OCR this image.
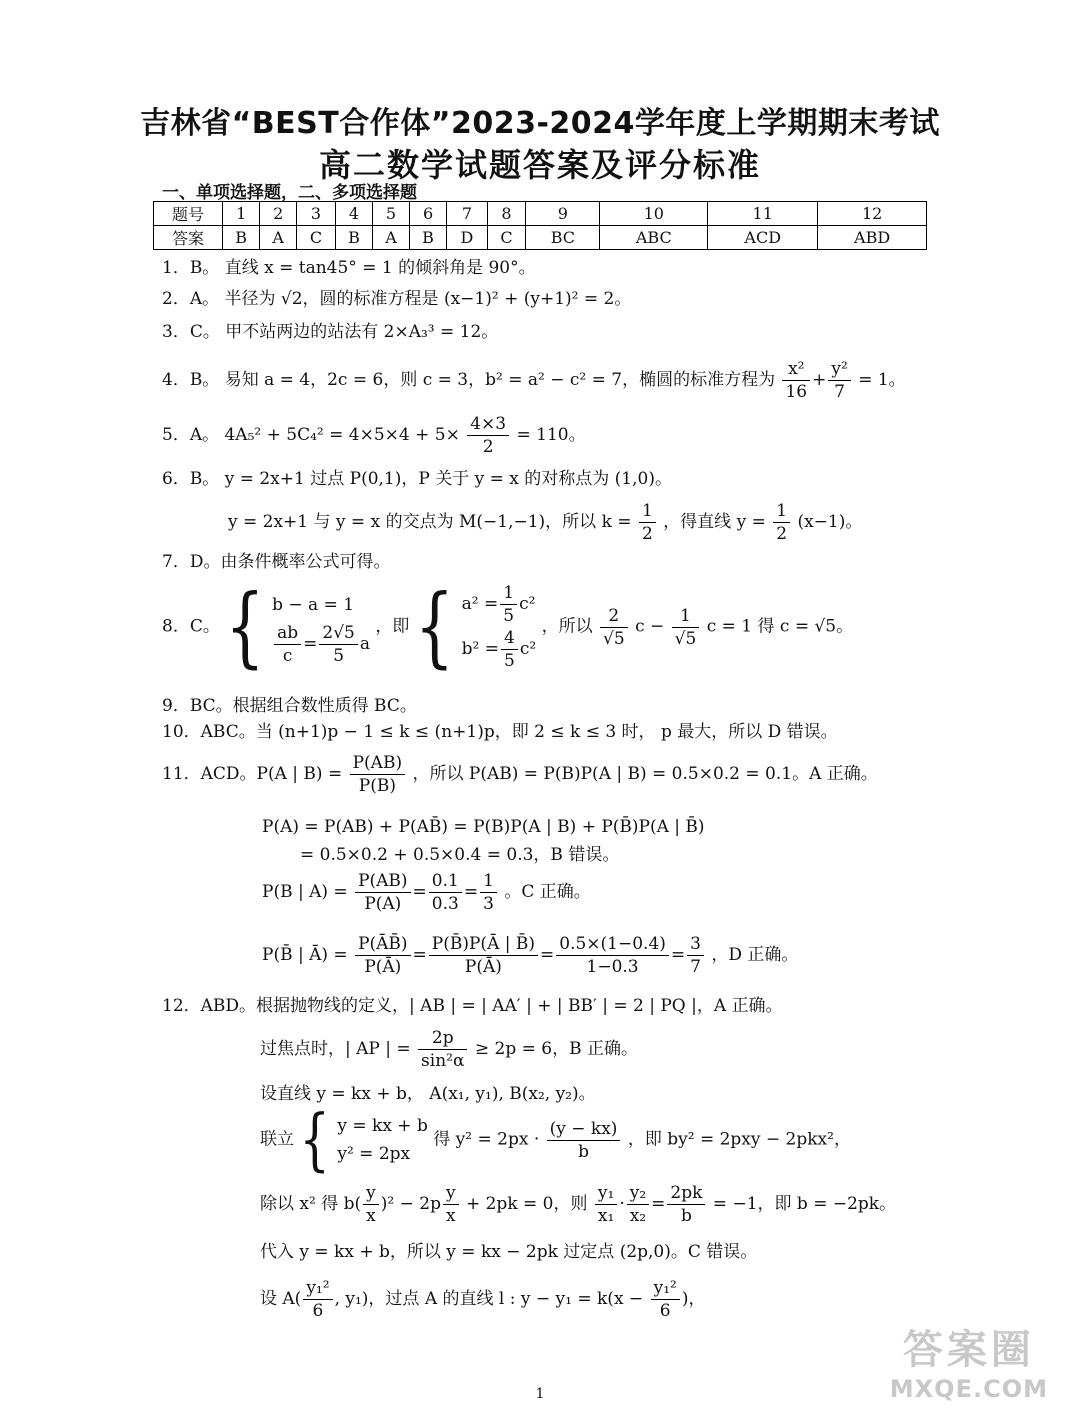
吉林省“BEST合作体”2023-2024学年度上学期期末考试
高二数学试题答案及评分标准
一、单项选择题，二、多项选择题
题号	1	2	3	4	5	6	7	8	9	10	11	12
答案	B	A	C	B	A	B	D	C	BC	ABC	ACD	ABD
1．B。 直线 x = tan45° = 1 的倾斜角是 90°。
2．A。 半径为 √2，圆的标准方程是 (x−1)² + (y+1)² = 2。
3．C。 甲不站两边的站法有 2×A₃³ = 12。
4．B。 易知 a = 4，2c = 6，则 c = 3，b² = a² − c² = 7，椭圆的标准方程为 $\frac{\text{x²}}{16} + \frac{\text{y²}}{7} = 1$。
5．A。 $4A_5^2 + 5C_4^2 = 4\times 5\times 4 + 5\times \frac{4\times 3}{2} = 110$。
6．B。 y = 2x+1 过点 P(0,1)，P 关于 y = x 的对称点为 (1,0)。
y = 2x+1 与 y = x 的交点为 M(−1,−1)，所以 $k = \frac{1}{2}$ ，得直线 $y = \frac{1}{2} (x-1)$。
7．D。由条件概率公式可得。
8．C。 { b − a = 1
$\frac{ab}{c} = \frac{2√5}{5}$ a
，即 { $a^2 = \frac{1}{5} c^2$
$b^2 = \frac{4}{5} c^2$
，所以 $\frac{2}{√5}$ $c - \frac{1}{√5}$ c = 1 得 c = √5。
9．BC。根据组合数性质得 BC。
10．ABC。当 (n+1)p − 1 ≤ k ≤ (n+1)p，即 2 ≤ k ≤ 3 时， p 最大，所以 D 错误。
11．ACD。P(A | $B) = \frac{P(AB)}{P(B)}$ ，所以 P(AB) = P(B)P(A | B) = 0.5×0.2 = 0.1。A 正确。
P(A) = P(AB) + P(AB̄) = P(B)P(A | B) + P(B̄)P(A | B̄)
= 0.5×0.2 + 0.5×0.4 = 0.3，B 错误。
P(B | $A) = \frac{P(AB)}{P(A)} = \frac{0.1}{0.3} = \frac{1}{3}$ 。C 正确。
P(B̄ | Ā) = $\frac{P(ĀB̄)}{P(Ā)} = \frac{P(B̄)P(Ā | B̄)}{P(Ā)} = \frac{0.5\times(1-0.4)}{1-0.3} = \frac{3}{7}$ ，D 正确。
12．ABD。根据抛物线的定义，| AB | = | AA′ | + | BB′ | = 2 | PQ |，A 正确。
过焦点时，| AP | = $\frac{2p}{\text{sin²α}} \ge 2p = 6$，B 正确。
设直线 y = kx + b， A(x₁, y₁), B(x₂, y₂)。
联立 { y = kx + b
y² = 2px
得 $y^2 = 2px \cdot \frac{(y - kx)}{b}$ ，即 by² = 2pxy − 2pkx²，
除以 x² 得 $b( \frac{y}{x} )^2 - 2p \frac{y}{x} + 2pk = 0$，则 $\frac{\text{y₁}}{\text{x₁}} \cdot \frac{\text{y₂}}{\text{x₂}} = \frac{2pk}{b} = -1$，即 b = −2pk。
代入 y = kx + b，所以 y = kx − 2pk 过定点 (2p,0)。C 错误。
设 $A( \frac{\text{y₁²}}{6}$ , y₁)，过点 A 的直线 l : $y - y_1 = k(x - \frac{\text{y₁²}}{6}$ )，
1
答案圈
MXQE.COM
